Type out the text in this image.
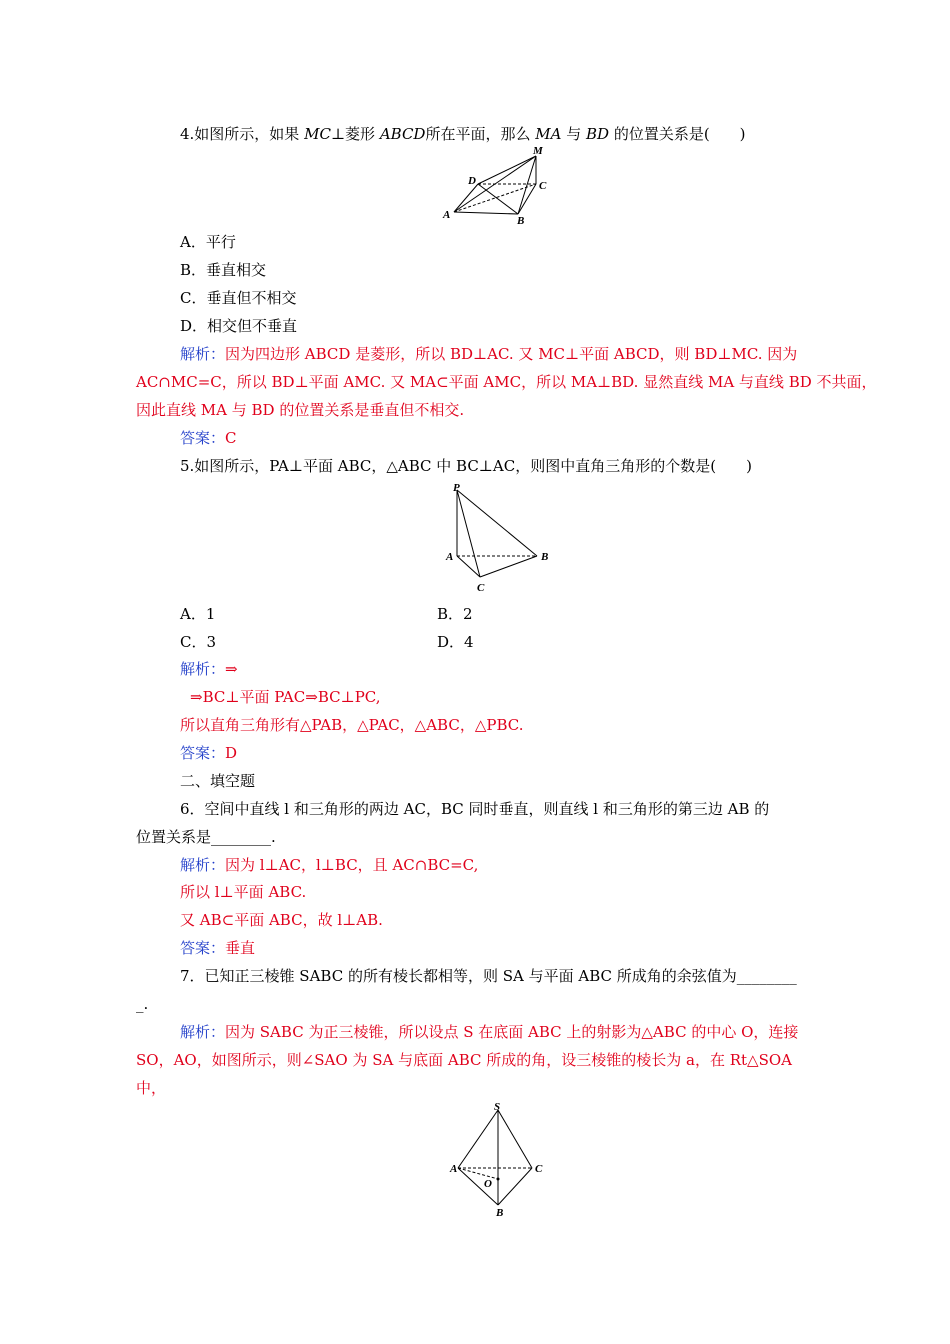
4.如图所示，如果 MC⊥菱形 ABCD所在平面，那么 MA 与 BD 的位置关系是(　　)
M
D	C
A	B
A．平行
B．垂直相交
C．垂直但不相交
D．相交但不垂直
解析：因为四边形 ABCD 是菱形，所以 BD⊥AC. 又 MC⊥平面 ABCD，则 BD⊥MC. 因为
AC∩MC=C，所以 BD⊥平面 AMC. 又 MA⊂平面 AMC，所以 MA⊥BD. 显然直线 MA 与直线 BD 不共面，
因此直线 MA 与 BD 的位置关系是垂直但不相交.
答案：C
5.如图所示，PA⊥平面 ABC，△ABC 中 BC⊥AC，则图中直角三角形的个数是(　　)
P
A	B
C
A．1	B．2
C．3	D．4
解析：⇒
⇒BC⊥平面 PAC⇒BC⊥PC,
所以直角三角形有△PAB，△PAC，△ABC，△PBC.
答案：D
二、填空题
6．空间中直线 l 和三角形的两边 AC，BC 同时垂直，则直线 l 和三角形的第三边 AB 的
位置关系是________.
解析：因为 l⊥AC，l⊥BC，且 AC∩BC=C,
所以 l⊥平面 ABC.
又 AB⊂平面 ABC，故 l⊥AB.
答案：垂直
7．已知正三棱锥 SABC 的所有棱长都相等，则 SA 与平面 ABC 所成角的余弦值为________
_.
解析：因为 SABC 为正三棱锥，所以设点 S 在底面 ABC 上的射影为△ABC 的中心 O，连接
SO，AO，如图所示，则∠SAO 为 SA 与底面 ABC 所成的角，设三棱锥的棱长为 a，在 Rt△SOA
中，
S
A	C
O
B
